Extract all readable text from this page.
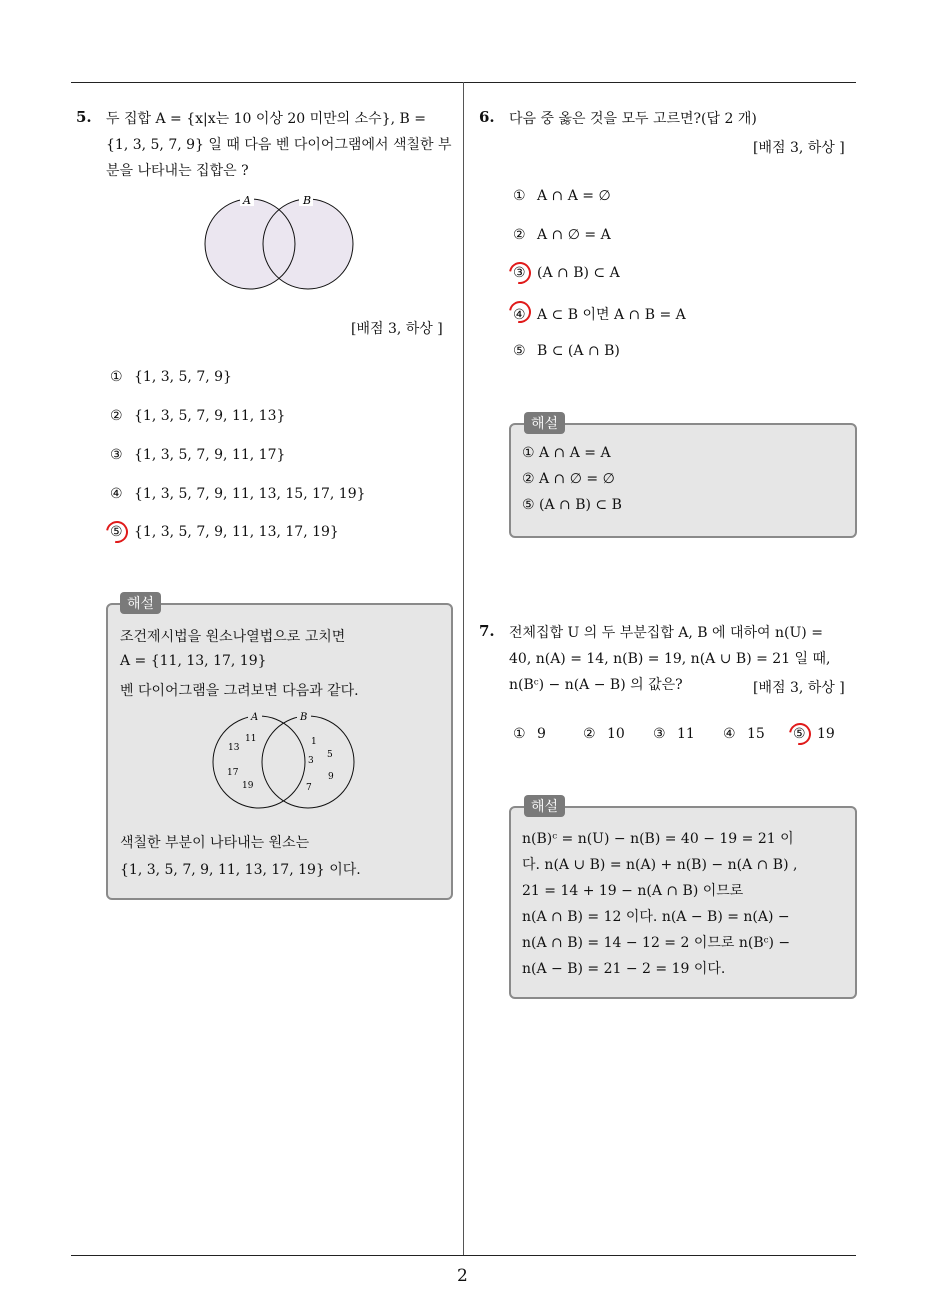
2
5. 두 집합 A = {x|x는 10 이상 20 미만의 소수}, B =
{1, 3, 5, 7, 9} 일 때 다음 벤 다이어그램에서 색칠한 부
분을 나타내는 집합은 ?
A	B
[배점 3, 하상 ]
① {1, 3, 5, 7, 9}
② {1, 3, 5, 7, 9, 11, 13}
③ {1, 3, 5, 7, 9, 11, 17}
④ {1, 3, 5, 7, 9, 11, 13, 15, 17, 19}
⑤ {1, 3, 5, 7, 9, 11, 13, 17, 19}
해설
조건제시법을 원소나열법으로 고치면
A = {11, 13, 17, 19}
벤 다이어그램을 그려보면 다음과 같다.
A	B
11
13
17
19
1
5
3
9
7
색칠한 부분이 나타내는 원소는
{1, 3, 5, 7, 9, 11, 13, 17, 19} 이다.
6. 다음 중 옳은 것을 모두 고르면?(답 2 개)
[배점 3, 하상 ]
① A ∩ A = ∅
② A ∩ ∅ = A
③ (A ∩ B) ⊂ A
④ A ⊂ B 이면 A ∩ B = A
⑤ B ⊂ (A ∩ B)
해설
① A ∩ A = A
② A ∩ ∅ = ∅
⑤ (A ∩ B) ⊂ B
7. 전체집합 U 의 두 부분집합 A, B 에 대하여 n(U) =
40, n(A) = 14, n(B) = 19, n(A ∪ B) = 21 일 때,
n(Bᶜ) − n(A − B) 의 값은?	[배점 3, 하상 ]
① 9	② 10 ③ 11 ④ 15 ⑤ 19
해설
n(B)ᶜ = n(U) − n(B) = 40 − 19 = 21 이
다. n(A ∪ B) = n(A) + n(B) − n(A ∩ B) ,
21 = 14 + 19 − n(A ∩ B) 이므로
n(A ∩ B) = 12 이다. n(A − B) = n(A) −
n(A ∩ B) = 14 − 12 = 2 이므로 n(Bᶜ) −
n(A − B) = 21 − 2 = 19 이다.
